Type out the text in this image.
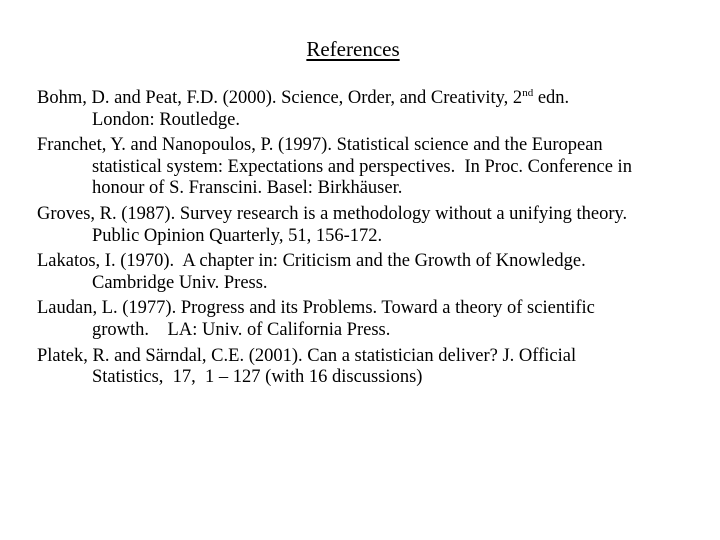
References
Bohm, D. and Peat, F.D. (2000). Science, Order, and Creativity, 2nd edn.
London: Routledge.
Franchet, Y. and Nanopoulos, P. (1997). Statistical science and the European
statistical system: Expectations and perspectives.  In Proc. Conference in
honour of S. Franscini. Basel: Birkhäuser.
Groves, R. (1987). Survey research is a methodology without a unifying theory.
Public Opinion Quarterly, 51, 156-172.
Lakatos, I. (1970).  A chapter in: Criticism and the Growth of Knowledge.
Cambridge Univ. Press.
Laudan, L. (1977). Progress and its Problems. Toward a theory of scientific
growth.    LA: Univ. of California Press.
Platek, R. and Särndal, C.E. (2001). Can a statistician deliver? J. Official
Statistics,  17,  1 – 127 (with 16 discussions)
